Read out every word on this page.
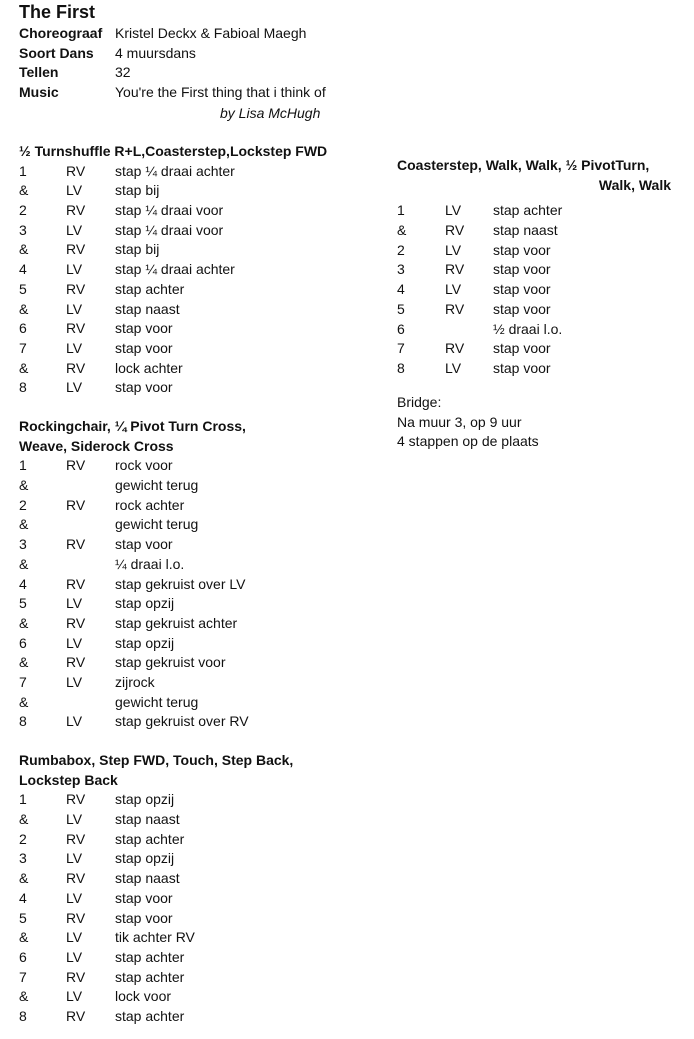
The First
Choreograaf Kristel Deckx & Fabioal Maegh
Soort Dans 4 muursdans
Tellen	32
Music	You're the First thing that i think of
by Lisa McHugh
½ Turnshuffle R+L,Coasterstep,Lockstep FWD
1	RV stap ¼ draai achter
&	LV stap bij
2	RV stap ¼ draai voor
3	LV stap ¼ draai voor
&	RV stap bij
4	LV stap ¼ draai achter
5	RV stap achter
&	LV stap naast
6	RV stap voor
7	LV stap voor
&	RV lock achter
8	LV stap voor
Rockingchair, ¼ Pivot Turn Cross,
Weave, Siderock Cross
1	RV rock voor
&	gewicht terug
2	RV rock achter
&	gewicht terug
3	RV stap voor
&	¼ draai l.o.
4	RV stap gekruist over LV
5	LV stap opzij
&	RV stap gekruist achter
6	LV stap opzij
&	RV stap gekruist voor
7	LV zijrock
&	gewicht terug
8	LV stap gekruist over RV
Rumbabox, Step FWD, Touch, Step Back,
Lockstep Back
1	RV stap opzij
&	LV stap naast
2	RV stap achter
3	LV stap opzij
&	RV stap naast
4	LV stap voor
5	RV stap voor
&	LV tik achter RV
6	LV stap achter
7	RV stap achter
&	LV lock voor
8	RV stap achter
Coasterstep, Walk, Walk, ½ PivotTurn,
Walk, Walk
1	LV stap achter
&	RV stap naast
2	LV stap voor
3	RV stap voor
4	LV stap voor
5	RV stap voor
6	½ draai l.o.
7	RV stap voor
8	LV stap voor
Bridge:
Na muur 3, op 9 uur
4 stappen op de plaats
